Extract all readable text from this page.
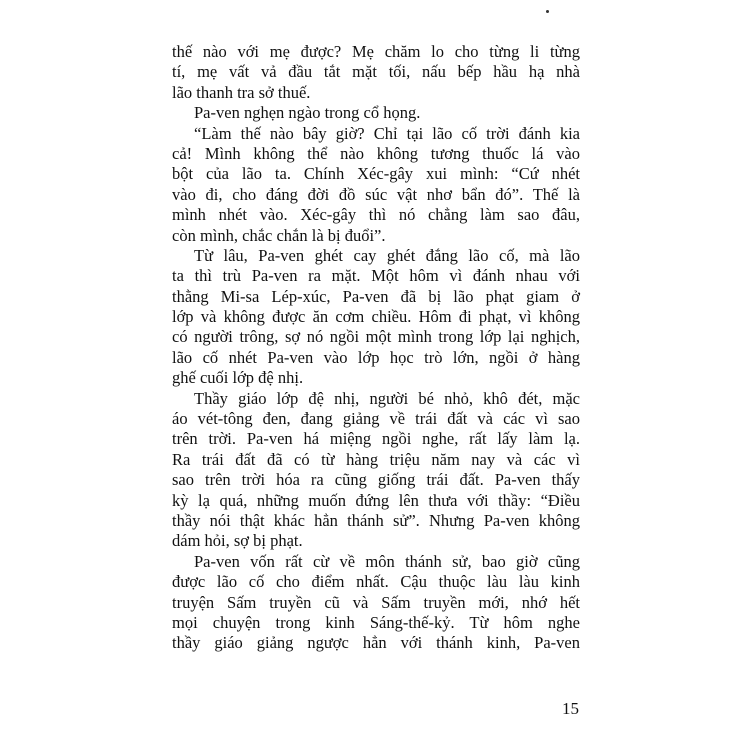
thế nào với mẹ được? Mẹ chăm lo cho từng li từng
tí, mẹ vất vả đầu tắt mặt tối, nấu bếp hầu hạ nhà
lão thanh tra sở thuế.
Pa-ven nghẹn ngào trong cổ họng.
“Làm thế nào bây giờ? Chỉ tại lão cố trời đánh kia
cả! Mình không thể nào không tương thuốc lá vào
bột của lão ta. Chính Xéc-gây xui mình: “Cứ nhét
vào đi, cho đáng đời đồ súc vật nhơ bẩn đó”. Thế là
mình nhét vào. Xéc-gây thì nó chẳng làm sao đâu,
còn mình, chắc chắn là bị đuổi”.
Từ lâu, Pa-ven ghét cay ghét đắng lão cố, mà lão
ta thì trù Pa-ven ra mặt. Một hôm vì đánh nhau với
thằng Mi-sa Lép-xúc, Pa-ven đã bị lão phạt giam ở
lớp và không được ăn cơm chiều. Hôm đi phạt, vì không
có người trông, sợ nó ngồi một mình trong lớp lại nghịch,
lão cố nhét Pa-ven vào lớp học trò lớn, ngồi ở hàng
ghế cuối lớp đệ nhị.
Thầy giáo lớp đệ nhị, người bé nhỏ, khô đét, mặc
áo vét-tông đen, đang giảng về trái đất và các vì sao
trên trời. Pa-ven há miệng ngồi nghe, rất lấy làm lạ.
Ra trái đất đã có từ hàng triệu năm nay và các vì
sao trên trời hóa ra cũng giống trái đất. Pa-ven thấy
kỳ lạ quá, những muốn đứng lên thưa với thầy: “Điều
thầy nói thật khác hẳn thánh sử”. Nhưng Pa-ven không
dám hỏi, sợ bị phạt.
Pa-ven vốn rất cừ về môn thánh sử, bao giờ cũng
được lão cố cho điểm nhất. Cậu thuộc làu làu kinh
truyện Sấm truyền cũ và Sấm truyền mới, nhớ hết
mọi chuyện trong kinh Sáng-thế-kỷ. Từ hôm nghe
thầy giáo giảng ngược hẳn với thánh kinh, Pa-ven
15
